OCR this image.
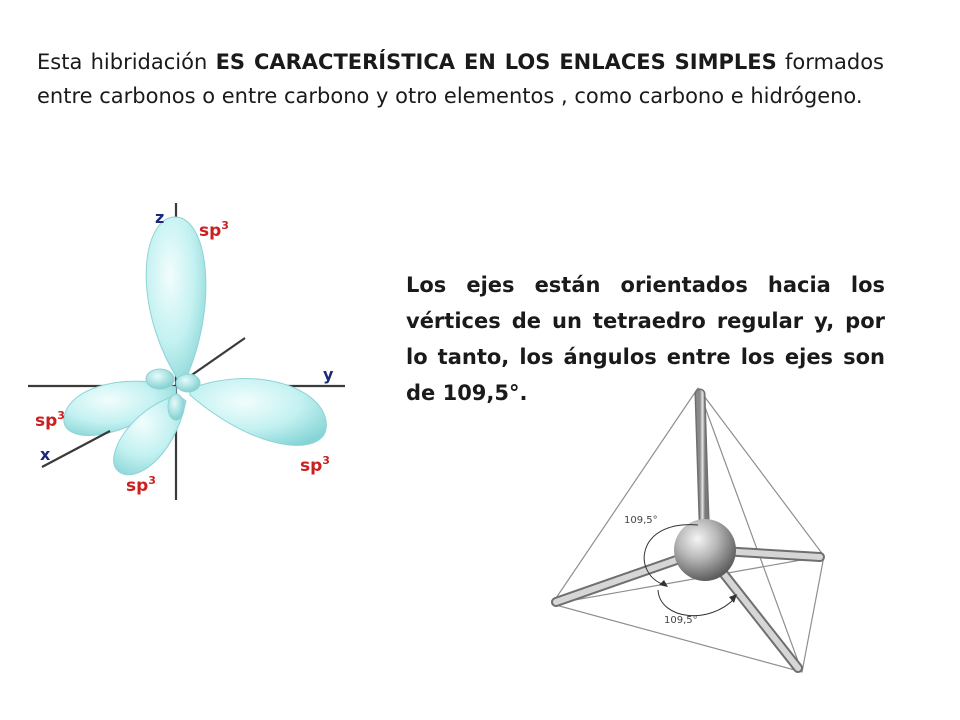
Esta hibridación ES CARACTERÍSTICA EN LOS ENLACES SIMPLES formados entre carbonos o entre carbono y otro elementos , como carbono e hidrógeno.

Los ejes están orientados hacia los vértices de un tetraedro regular y, por lo tanto, los ángulos entre los ejes son de 109,5°.

z
y
x
$sp^3$
$sp^3$
$sp^3$
$sp^3$
109,5°
109,5°
